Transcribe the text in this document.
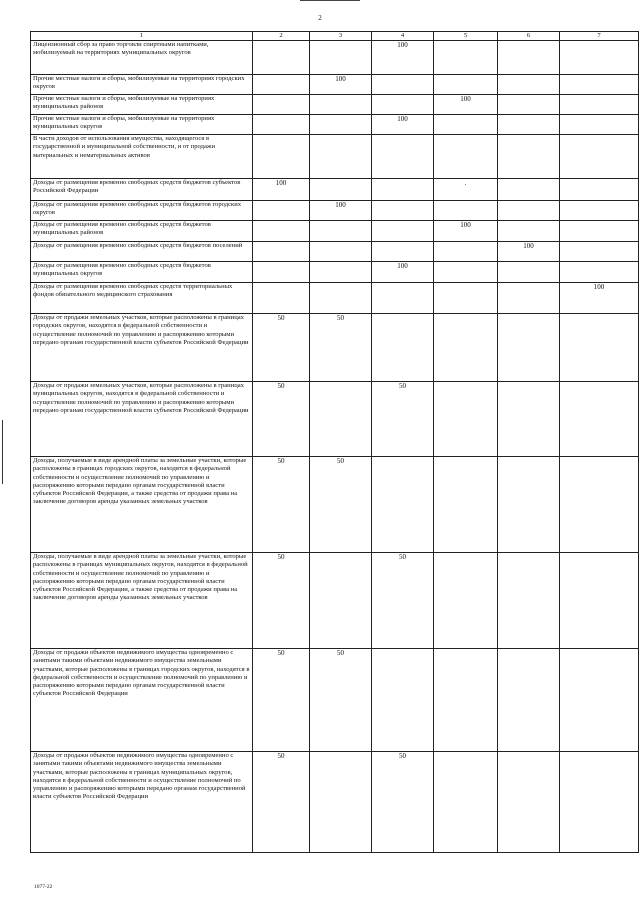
2
1	2	3	4	5	6	7
Лицензионный сбор за право торговли спиртными напитками, мобилизуемый на территориях муниципальных округов			100			
Прочие местные налоги и сборы, мобилизуемые на территориях городских округов		100				
Прочие местные налоги и сборы, мобилизуемые на территориях муниципальных районов				100		
Прочие местные налоги и сборы, мобилизуемые на территориях муниципальных округов			100			
В части доходов от использования имущества, находящегося в государственной и муниципальной собственности, и от продажи материальных и нематериальных активов						
Доходы от размещения временно свободных средств бюджетов субъектов Российской Федерации	100			.		
Доходы от размещения временно свободных средств бюджетов городских округов		100				
Доходы от размещения временно свободных средств бюджетов муниципальных районов				100		
Доходы от размещения временно свободных средств бюджетов поселений					100	
Доходы от размещения временно свободных средств бюджетов муниципальных округов			100			
Доходы от размещения временно свободных средств территориальных фондов обязательного медицинского страхования						100
Доходы от продажи земельных участков, которые расположены в границах городских округов, находятся в федеральной собственности и осуществление полномочий по управлению и распоряжению которыми передано органам государственной власти субъектов Российской Федерации	50	50				
Доходы от продажи земельных участков, которые расположены в границах муниципальных округов, находятся в федеральной собственности и осуществление полномочий по управлению и распоряжению которыми передано органам государственной власти субъектов Российской Федерации	50		50			
Доходы, получаемые в виде арендной платы за земельные участки, которые расположены в границах городских округов, находятся в федеральной собственности и осуществление полномочий по управлению и распоряжению которыми передано органам государственной власти субъектов Российской Федерации, а также средства от продажи права на заключение договоров аренды указанных земельных участков	50	50				
Доходы, получаемые в виде арендной платы за земельные участки, которые расположены в границах муниципальных округов, находятся в федеральной собственности и осуществление полномочий по управлению и распоряжению которыми передано органам государственной власти субъектов Российской Федерации, а также средства от продажи права на заключение договоров аренды указанных земельных участков	50		50			
Доходы от продажи объектов недвижимого имущества одновременно с занятыми такими объектами недвижимого имущества земельными участками, которые расположены в границах городских округов, находятся в федеральной собственности и осуществление полномочий по управлению и распоряжению которыми передано органам государственной власти субъектов Российской Федерации	50	50				
Доходы от продажи объектов недвижимого имущества одновременно с занятыми такими объектами недвижимого имущества земельными участками, которые расположены в границах муниципальных округов, находятся в федеральной собственности и осуществление полномочий по управлению и распоряжению которыми передано органам государственной власти субъектов Российской Федерации	50		50			
1077-22
